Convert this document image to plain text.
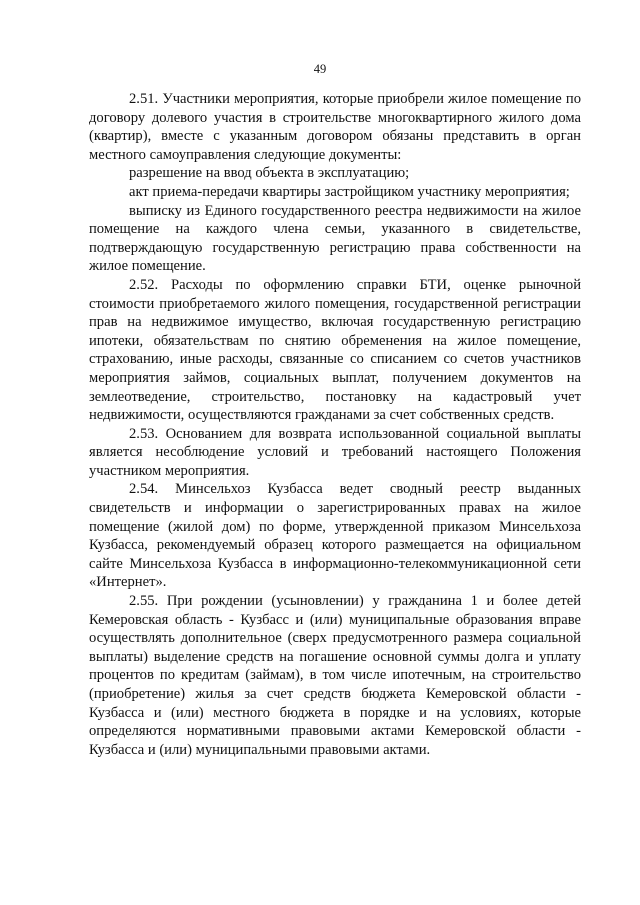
49

2.51. Участники мероприятия, которые приобрели жилое помещение по договору долевого участия в строительстве многоквартирного жилого дома (квартир), вместе с указанным договором обязаны представить в орган местного самоуправления следующие документы:

разрешение на ввод объекта в эксплуатацию;

акт приема-передачи квартиры застройщиком участнику мероприятия;

выписку из Единого государственного реестра недвижимости на жилое помещение на каждого члена семьи, указанного в свидетельстве, подтверждающую государственную регистрацию права собственности на жилое помещение.

2.52. Расходы по оформлению справки БТИ, оценке рыночной стоимости приобретаемого жилого помещения, государственной регистрации прав на недвижимое имущество, включая государственную регистрацию ипотеки, обязательствам по снятию обременения на жилое помещение, страхованию, иные расходы, связанные со списанием со счетов участников мероприятия займов, социальных выплат, получением документов на землеотведение, строительство, постановку на кадастровый учет недвижимости, осуществляются гражданами за счет собственных средств.

2.53. Основанием для возврата использованной социальной выплаты является несоблюдение условий и требований настоящего Положения участником мероприятия.

2.54. Минсельхоз Кузбасса ведет сводный реестр выданных свидетельств и информации о зарегистрированных правах на жилое помещение (жилой дом) по форме, утвержденной приказом Минсельхоза Кузбасса, рекомендуемый образец которого размещается на официальном сайте Минсельхоза Кузбасса в информационно-телекоммуникационной сети «Интернет».

2.55. При рождении (усыновлении) у гражданина 1 и более детей Кемеровская область - Кузбасс и (или) муниципальные образования вправе осуществлять дополнительное (сверх предусмотренного размера социальной выплаты) выделение средств на погашение основной суммы долга и уплату процентов по кредитам (займам), в том числе ипотечным, на строительство (приобретение) жилья за счет средств бюджета Кемеровской области - Кузбасса и (или) местного бюджета в порядке и на условиях, которые определяются нормативными правовыми актами Кемеровской области - Кузбасса и (или) муниципальными правовыми актами.
